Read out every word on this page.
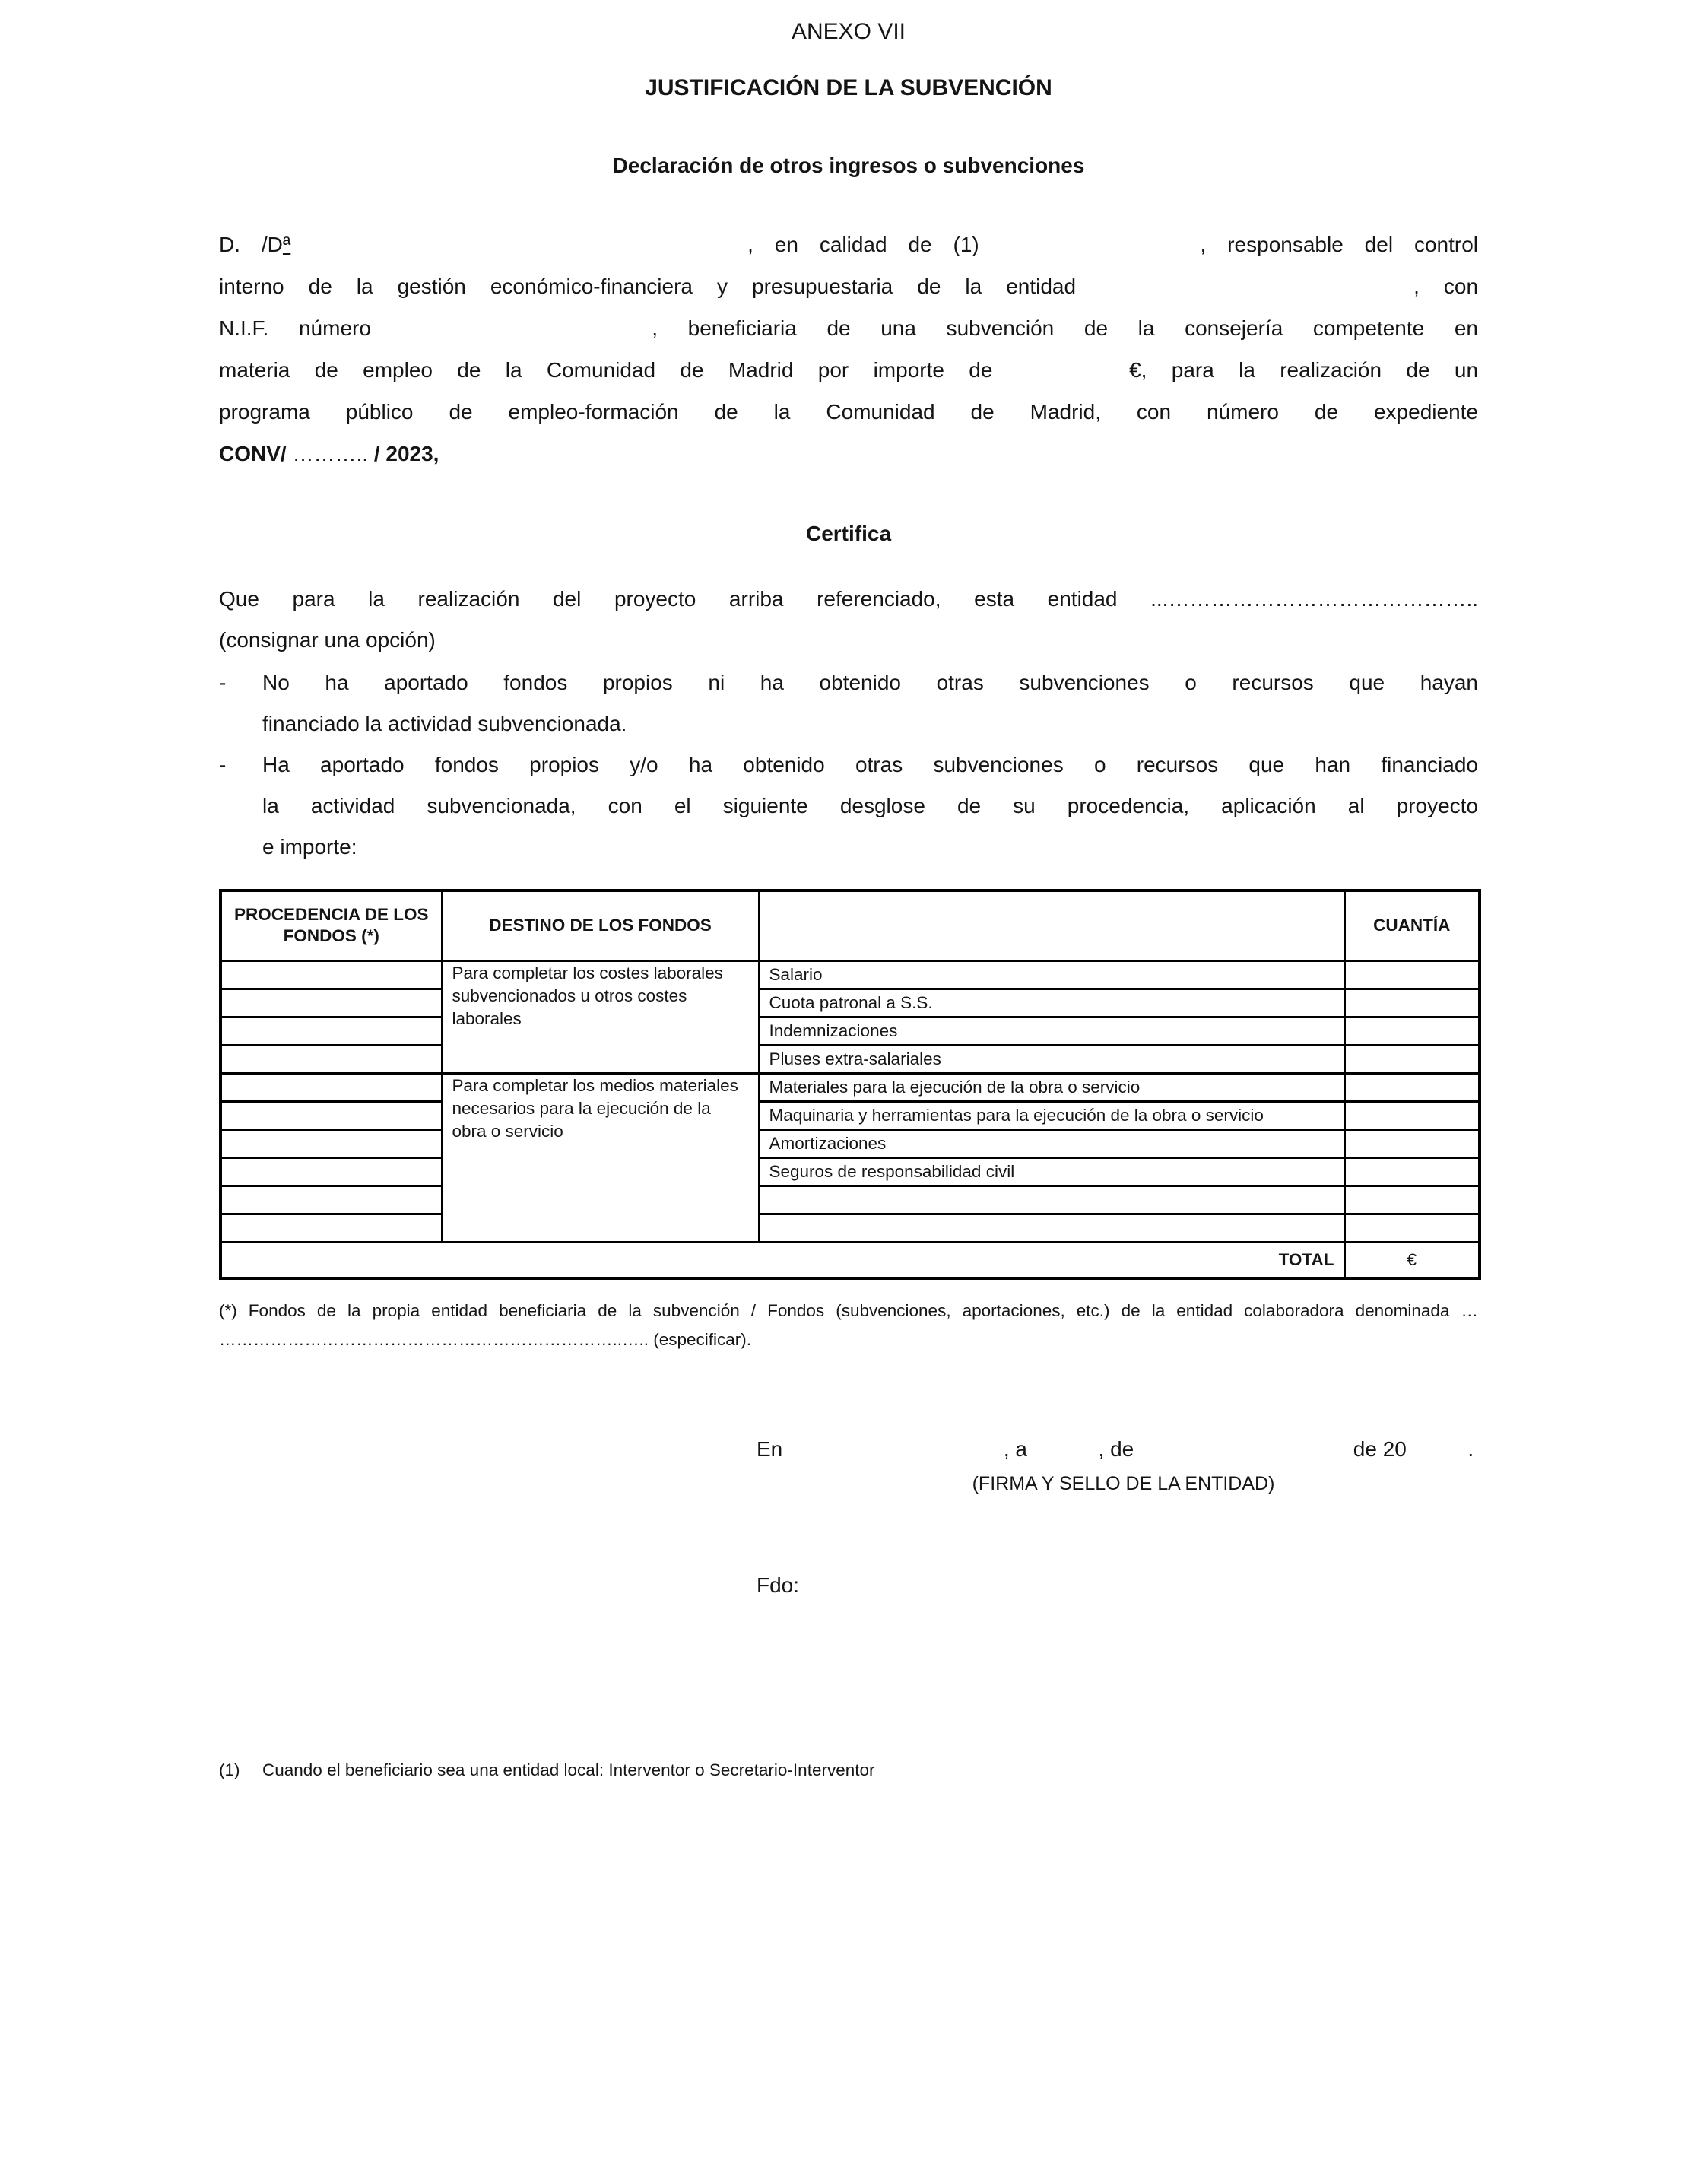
ANEXO VII
JUSTIFICACIÓN DE LA SUBVENCIÓN
Declaración de otros ingresos o subvenciones
D. /Dª	, en calidad de (1)	, responsable del control
interno de la gestión económico-financiera y presupuestaria de la entidad	, con
N.I.F. número	, beneficiaria de una subvención de la consejería competente en
materia de empleo de la Comunidad de Madrid por importe de	€, para la realización de un
programa público de empleo-formación de la Comunidad de Madrid, con número de expediente
CONV/ ……….. / 2023,
Certifica
Que para la realización del proyecto arriba referenciado, esta entidad ...……………………………………..
(consignar una opción)
-	No ha aportado fondos propios ni ha obtenido otras subvenciones o recursos que hayan
financiado la actividad subvencionada.
-	Ha aportado fondos propios y/o ha obtenido otras subvenciones o recursos que han financiado
la actividad subvencionada, con el siguiente desglose de su procedencia, aplicación al proyecto
e importe:
PROCEDENCIA DE LOS FONDOS (*)	DESTINO DE LOS FONDOS		CUANTÍA
	Para completar los costes laborales subvencionados u otros costes laborales	Salario	
		Cuota patronal a S.S.	
		Indemnizaciones	
		Pluses extra-salariales	
	Para completar los medios materiales necesarios para la ejecución de la obra o servicio	Materiales para la ejecución de la obra o servicio	
		Maquinaria y herramientas para la ejecución de la obra o servicio	
		Amortizaciones	
		Seguros de responsabilidad civil	

TOTAL			€
(*) Fondos de la propia entidad beneficiaria de la subvención / Fondos (subvenciones, aportaciones, etc.) de la entidad colaboradora denominada …
……………………………………………………………..….. (especificar).
En	, a	, de	de 20	.
(FIRMA Y SELLO DE LA ENTIDAD)
Fdo:
(1)	Cuando el beneficiario sea una entidad local: Interventor o Secretario-Interventor
